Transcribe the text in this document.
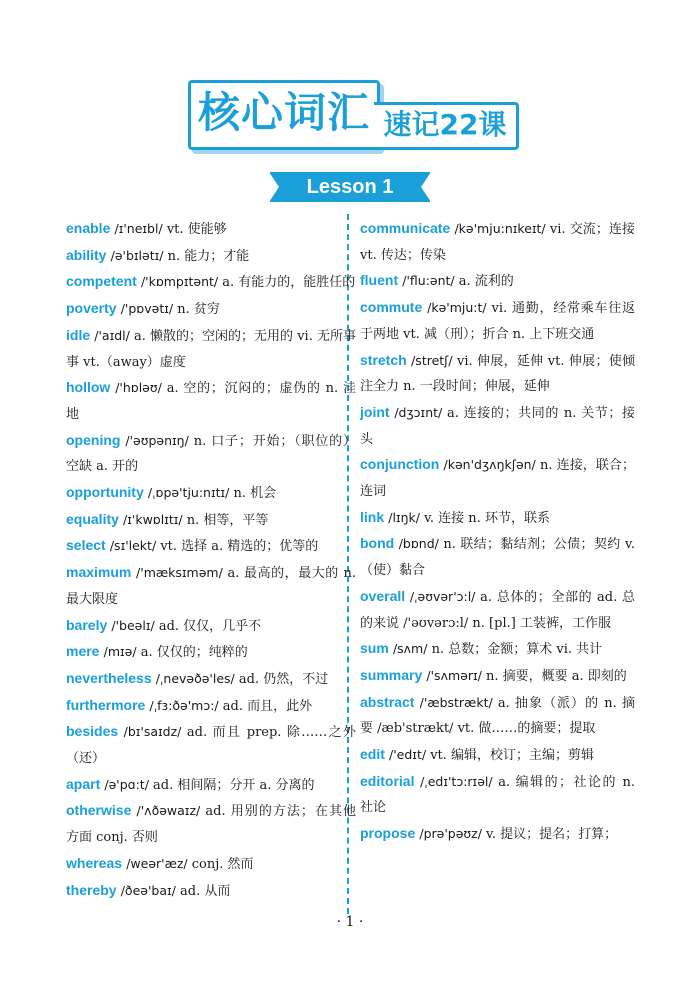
核心词汇 速记22课
Lesson 1
enable /ɪ'neɪbl/ vt. 使能够
ability /ə'bɪlətɪ/ n. 能力；才能
competent /'kɒmpɪtənt/ a. 有能力的，能胜任的
poverty /'pɒvətɪ/ n. 贫穷
idle /'aɪdl/ a. 懒散的；空闲的；无用的 vi. 无所事事 vt.（away）虚度
hollow /'hɒləʊ/ a. 空的；沉闷的；虚伪的 n. 洼地
opening /'əʊpənɪŋ/ n. 口子；开始；（职位的）空缺 a. 开的
opportunity /ˌɒpə'tju:nɪtɪ/ n. 机会
equality /ɪ'kwɒlɪtɪ/ n. 相等，平等
select /sɪ'lekt/ vt. 选择 a. 精选的；优等的
maximum /'mæksɪməm/ a. 最高的，最大的 n. 最大限度
barely /'beəlɪ/ ad. 仅仅，几乎不
mere /mɪə/ a. 仅仅的；纯粹的
nevertheless /ˌnevəðə'les/ ad. 仍然，不过
furthermore /ˌfɜ:ðə'mɔ:/ ad. 而且，此外
besides /bɪ'saɪdz/ ad. 而且 prep. 除……之外（还）
apart /ə'pɑ:t/ ad. 相间隔；分开 a. 分离的
otherwise /'ʌðəwaɪz/ ad. 用别的方法；在其他方面 conj. 否则
whereas /weər'æz/ conj. 然而
thereby /ðeə'baɪ/ ad. 从而
communicate /kə'mju:nɪkeɪt/ vi. 交流；连接 vt. 传达；传染
fluent /'flu:ənt/ a. 流利的
commute /kə'mju:t/ vi. 通勤，经常乘车往返于两地 vt. 减（刑）；折合 n. 上下班交通
stretch /stretʃ/ vi. 伸展，延伸 vt. 伸展；使倾注全力 n. 一段时间；伸展，延伸
joint /dʒɔɪnt/ a. 连接的；共同的 n. 关节；接头
conjunction /kən'dʒʌŋkʃən/ n. 连接，联合；连词
link /lɪŋk/ v. 连接 n. 环节，联系
bond /bɒnd/ n. 联结；黏结剂；公债；契约 v.（使）黏合
overall /ˌəʊvər'ɔ:l/ a. 总体的；全部的 ad. 总的来说 /'əʊvərɔ:l/ n. [pl.] 工装裤，工作服
sum /sʌm/ n. 总数；金额；算术 vi. 共计
summary /'sʌmərɪ/ n. 摘要，概要 a. 即刻的
abstract /'æbstrækt/ a. 抽象（派）的 n. 摘要 /æb'strækt/ vt. 做……的摘要；提取
edit /'edɪt/ vt. 编辑，校订；主编；剪辑
editorial /ˌedɪ'tɔ:rɪəl/ a. 编辑的；社论的 n. 社论
propose /prə'pəʊz/ v. 提议；提名；打算；
· 1 ·
